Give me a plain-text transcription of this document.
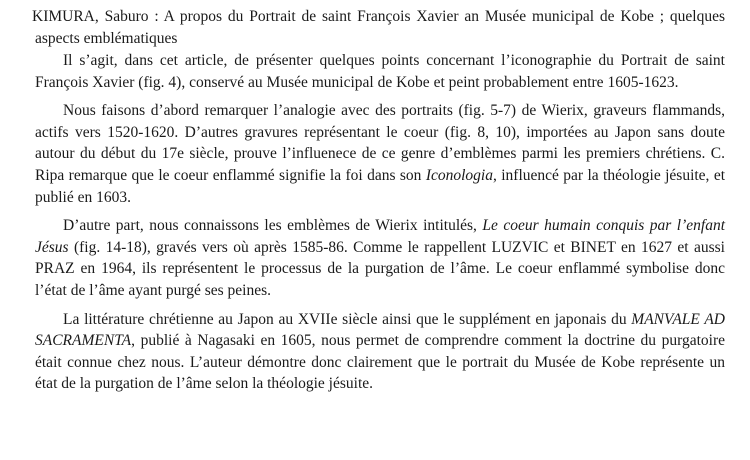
KIMURA, Saburo : A propos du Portrait de saint François Xavier an Musée municipal de Kobe ; quelques aspects emblématiques

Il s’agit, dans cet article, de présenter quelques points concernant l’iconographie du Portrait de saint François Xavier (fig. 4), conservé au Musée municipal de Kobe et peint probablement entre 1605-1623.

Nous faisons d’abord remarquer l’analogie avec des portraits (fig. 5-7) de Wierix, graveurs flammands, actifs vers 1520-1620. D’autres gravures représentant le coeur (fig. 8, 10), importées au Japon sans doute autour du début du 17e siècle, prouve l’influenece de ce genre d’emblèmes parmi les premiers chrétiens. C. Ripa remarque que le coeur enflammé signifie la foi dans son Iconologia, influencé par la théologie jésuite, et publié en 1603.

D’autre part, nous connaissons les emblèmes de Wierix intitulés, Le coeur humain conquis par l’enfant Jésus (fig. 14-18), gravés vers où après 1585-86. Comme le rappellent LUZVIC et BINET en 1627 et aussi PRAZ en 1964, ils représentent le processus de la purgation de l’âme. Le coeur enflammé symbolise donc l’état de l’âme ayant purgé ses peines.

La littérature chrétienne au Japon au XVIIe siècle ainsi que le supplément en japonais du MANVALE AD SACRAMENTA, publié à Nagasaki en 1605, nous permet de comprendre comment la doctrine du purgatoire était connue chez nous. L’auteur démontre donc clairement que le portrait du Musée de Kobe représente un état de la purgation de l’âme selon la théologie jésuite.
